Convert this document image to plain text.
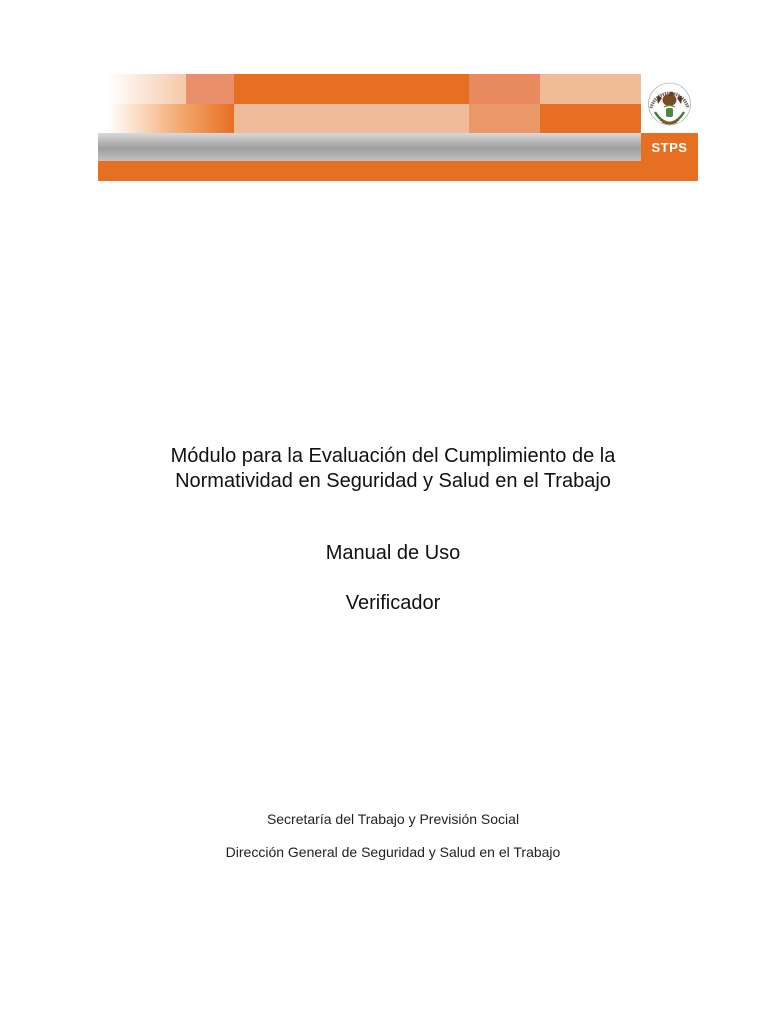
STPS
Módulo para la Evaluación del Cumplimiento de la
Normatividad en Seguridad y Salud en el Trabajo
Manual de Uso
Verificador

Secretaría del Trabajo y Previsión Social

Dirección General de Seguridad y Salud en el Trabajo
